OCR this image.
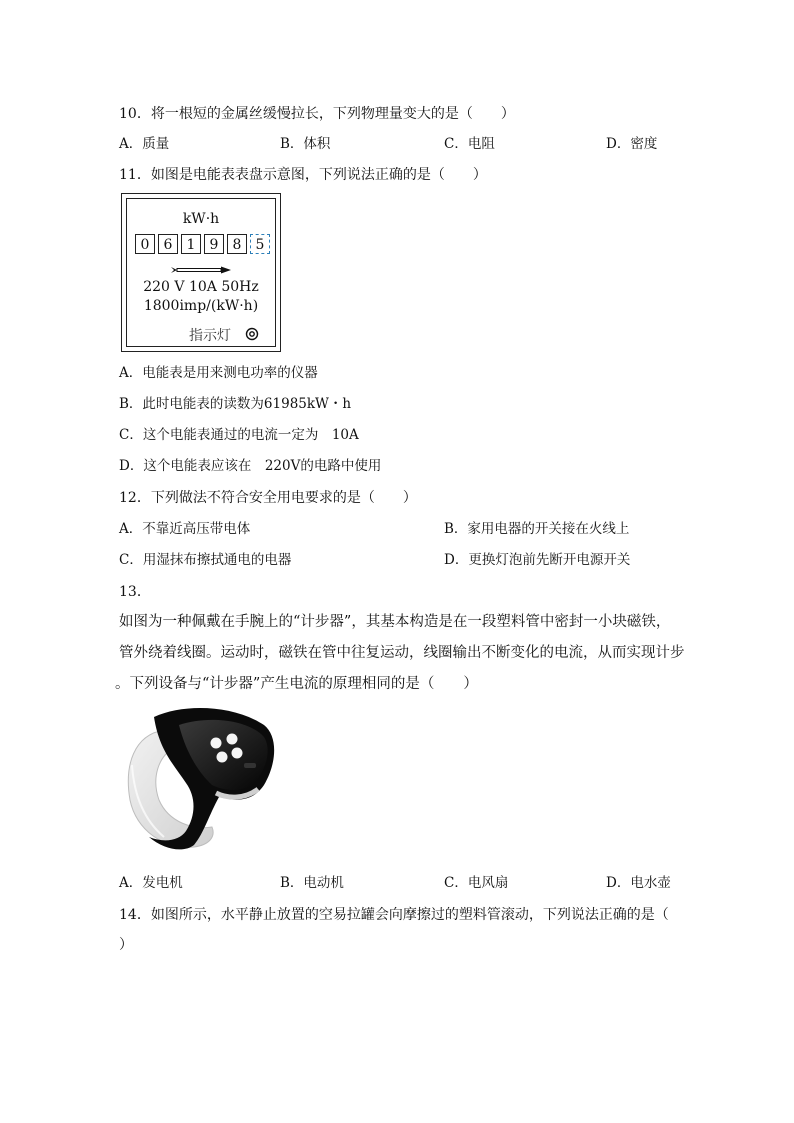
10．将一根短的金属丝缓慢拉长，下列物理量变大的是（　　）
A．质量	B．体积	C．电阻	D．密度
11．如图是电能表表盘示意图，下列说法正确的是（　　）
kW·h
0	6	1	9	8	5
220 V 10A 50Hz
1800imp/(kW·h)
指示灯
A．电能表是用来测电功率的仪器
B．此时电能表的读数为61985kW・h
C．这个电能表通过的电流一定为　10A
D．这个电能表应该在　220V的电路中使用
12．下列做法不符合安全用电要求的是（　　）
A．不靠近高压带电体	B．家用电器的开关接在火线上
C．用湿抹布擦拭通电的电器	D．更换灯泡前先断开电源开关
13．
如图为一种佩戴在手腕上的“计步器”，其基本构造是在一段塑料管中密封一小块磁铁，
管外绕着线圈。运动时，磁铁在管中往复运动，线圈输出不断变化的电流，从而实现计步
。下列设备与“计步器”产生电流的原理相同的是（　　）
A．发电机	B．电动机	C．电风扇	D．电水壶
14．如图所示，水平静止放置的空易拉罐会向摩擦过的塑料管滚动，下列说法正确的是（
）
